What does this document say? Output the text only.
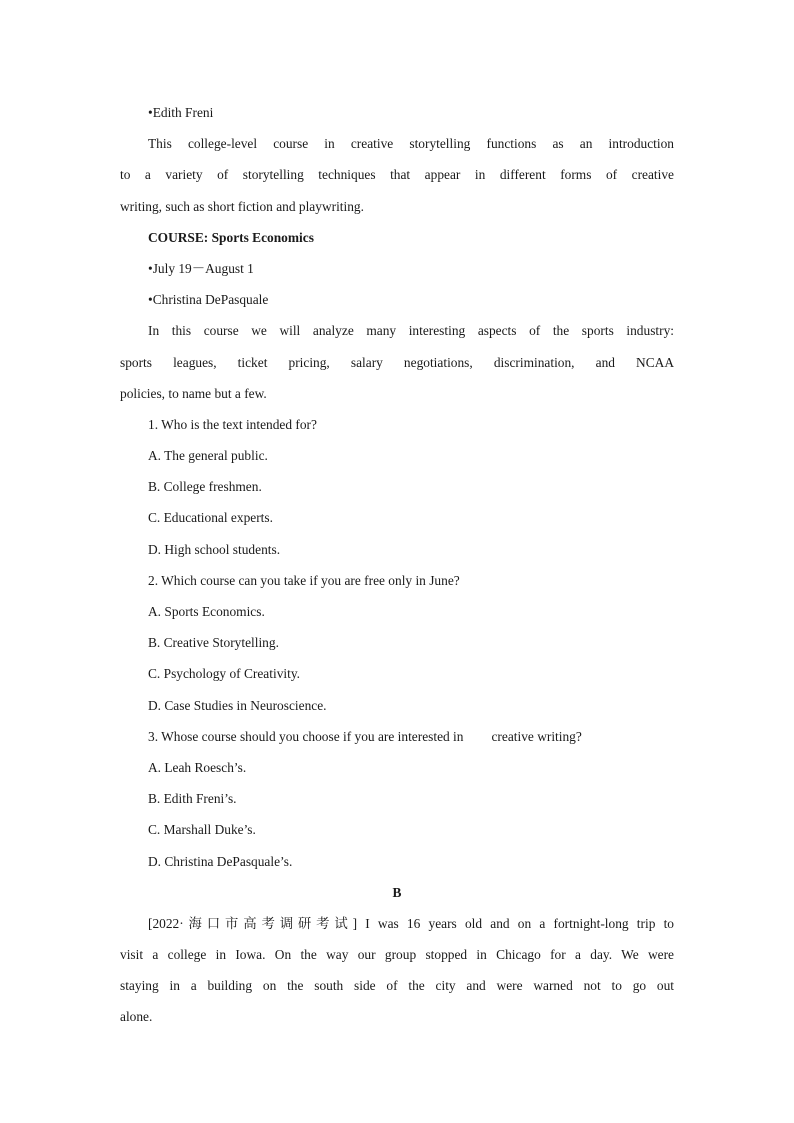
•Edith Freni

This college-level course in creative storytelling functions as an introduction

to a variety of storytelling techniques that appear in different forms of creative

writing, such as short fiction and playwriting.

COURSE: Sports Economics

•July 19－August 1

•Christina DePasquale

In this course we will analyze many interesting aspects of the sports industry:

sports leagues, ticket pricing, salary negotiations, discrimination, and NCAA

policies, to name but a few.

1. Who is the text intended for?

A. The general public.

B. College freshmen.

C. Educational experts.

D. High school students.

2. Which course can you take if you are free only in June?

A. Sports Economics.

B. Creative Storytelling.

C. Psychology of Creativity.

D. Case Studies in Neuroscience.

3. Whose course should you choose if you are interested in creative writing?

A. Leah Roesch’s.

B. Edith Freni’s.

C. Marshall Duke’s.

D. Christina DePasquale’s.

B

[2022·海口市高考调研考试] I was 16 years old and on a fortnight-long trip to

visit a college in Iowa. On the way our group stopped in Chicago for a day. We were

staying in a building on the south side of the city and were warned not to go out

alone.
